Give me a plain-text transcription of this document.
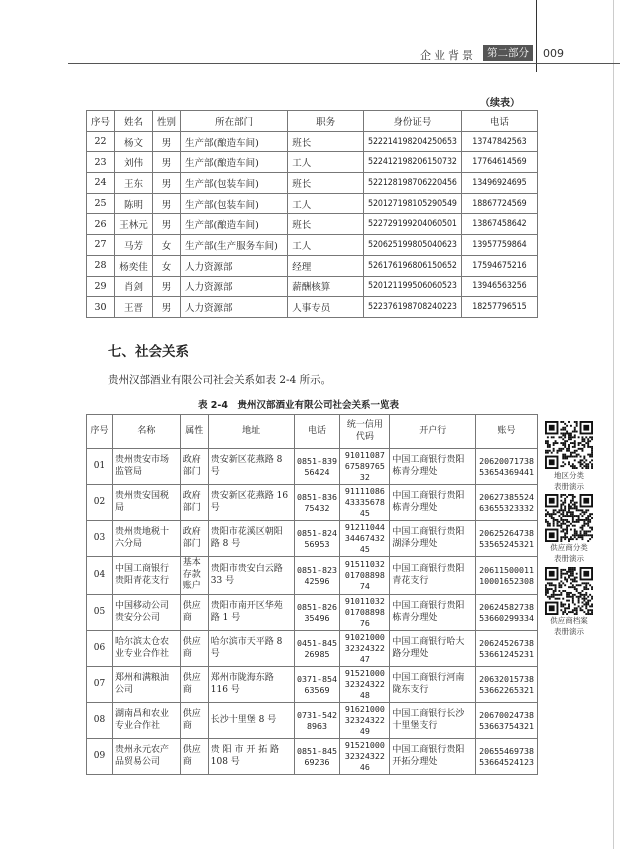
企业背景	第二部分	009
（续表）
序号	姓名	性别	所在部门	职务	身份证号	电话
22	杨文	男	生产部(酿造车间)	班长	522214198204250653	13747842563
23	刘伟	男	生产部(酿造车间)	工人	522412198206150732	17764614569
24	王东	男	生产部(包装车间)	班长	522128198706220456	13496924695
25	陈明	男	生产部(包装车间)	工人	520127198105290549	18867724569
26	王林元	男	生产部(酿造车间)	班长	522729199204060501	13867458642
27	马芳	女	生产部(生产服务车间)	工人	520625199805040623	13957759864
28	杨奕佳	女	人力资源部	经理	526176196806150652	17594675216
29	肖剑	男	人力资源部	薪酬核算	520121199506060523	13946563256
30	王晋	男	人力资源部	人事专员	522376198708240223	18257796515
七、社会关系
贵州汉部酒业有限公司社会关系如表 2-4 所示。
表 2-4　贵州汉部酒业有限公司社会关系一览表
序号	名称	属性	地址	电话	统一信用代码	开户行	账号
01	贵州贵安市场监管局	政府部门	贵安新区花燕路 8 号	0851-83956424	910110876758976532	中国工商银行贵阳栋青分理处	2062007173853654369441
02	贵州贵安国税局	政府部门	贵安新区花燕路 16 号	0851-83675432	911110864333567845	中国工商银行贵阳栋青分理处	2062738552463655323332
03	贵州贵地税十六分局	政府部门	贵阳市花溪区朝阳路 8 号	0851-82456953	912110443446743245	中国工商银行贵阳湖泽分理处	2062526473853565245321
04	中国工商银行贵阳青花支行	基本存款账户	贵阳市贵安白云路 33 号	0851-82342596	915110320170889874	中国工商银行贵阳青花支行	2061150001110001652308
05	中国移动公司贵安分公司	供应商	贵阳市南开区华苑路 1 号	0851-82635496	910110320170889876	中国工商银行贵阳栋青分理处	2062458273853660299334
06	哈尔滨太仓农业专业合作社	供应商	哈尔滨市天平路 8 号	0451-84526985	910210003232432247	中国工商银行哈大路分理处	2062452673853661245231
07	郑州和满粮油公司	供应商	郑州市陇海东路 116 号	0371-85463569	915210003232432248	中国工商银行河南陇东支行	2063201573853662265321
08	湖南昌和农业专业合作社	供应商	长沙十里堡 8 号	0731-5428963	916210003232432249	中国工商银行长沙十里堡支行	2067002473853663754321
09	贵州永元农产品贸易公司	供应商	贵 阳 市 开 拓 路 108 号	0851-84569236	915210003232432246	中国工商银行贵阳开拓分理处	2065546973853664524123
地区分类
表册演示
供应商分类
表册演示
供应商档案
表册演示
